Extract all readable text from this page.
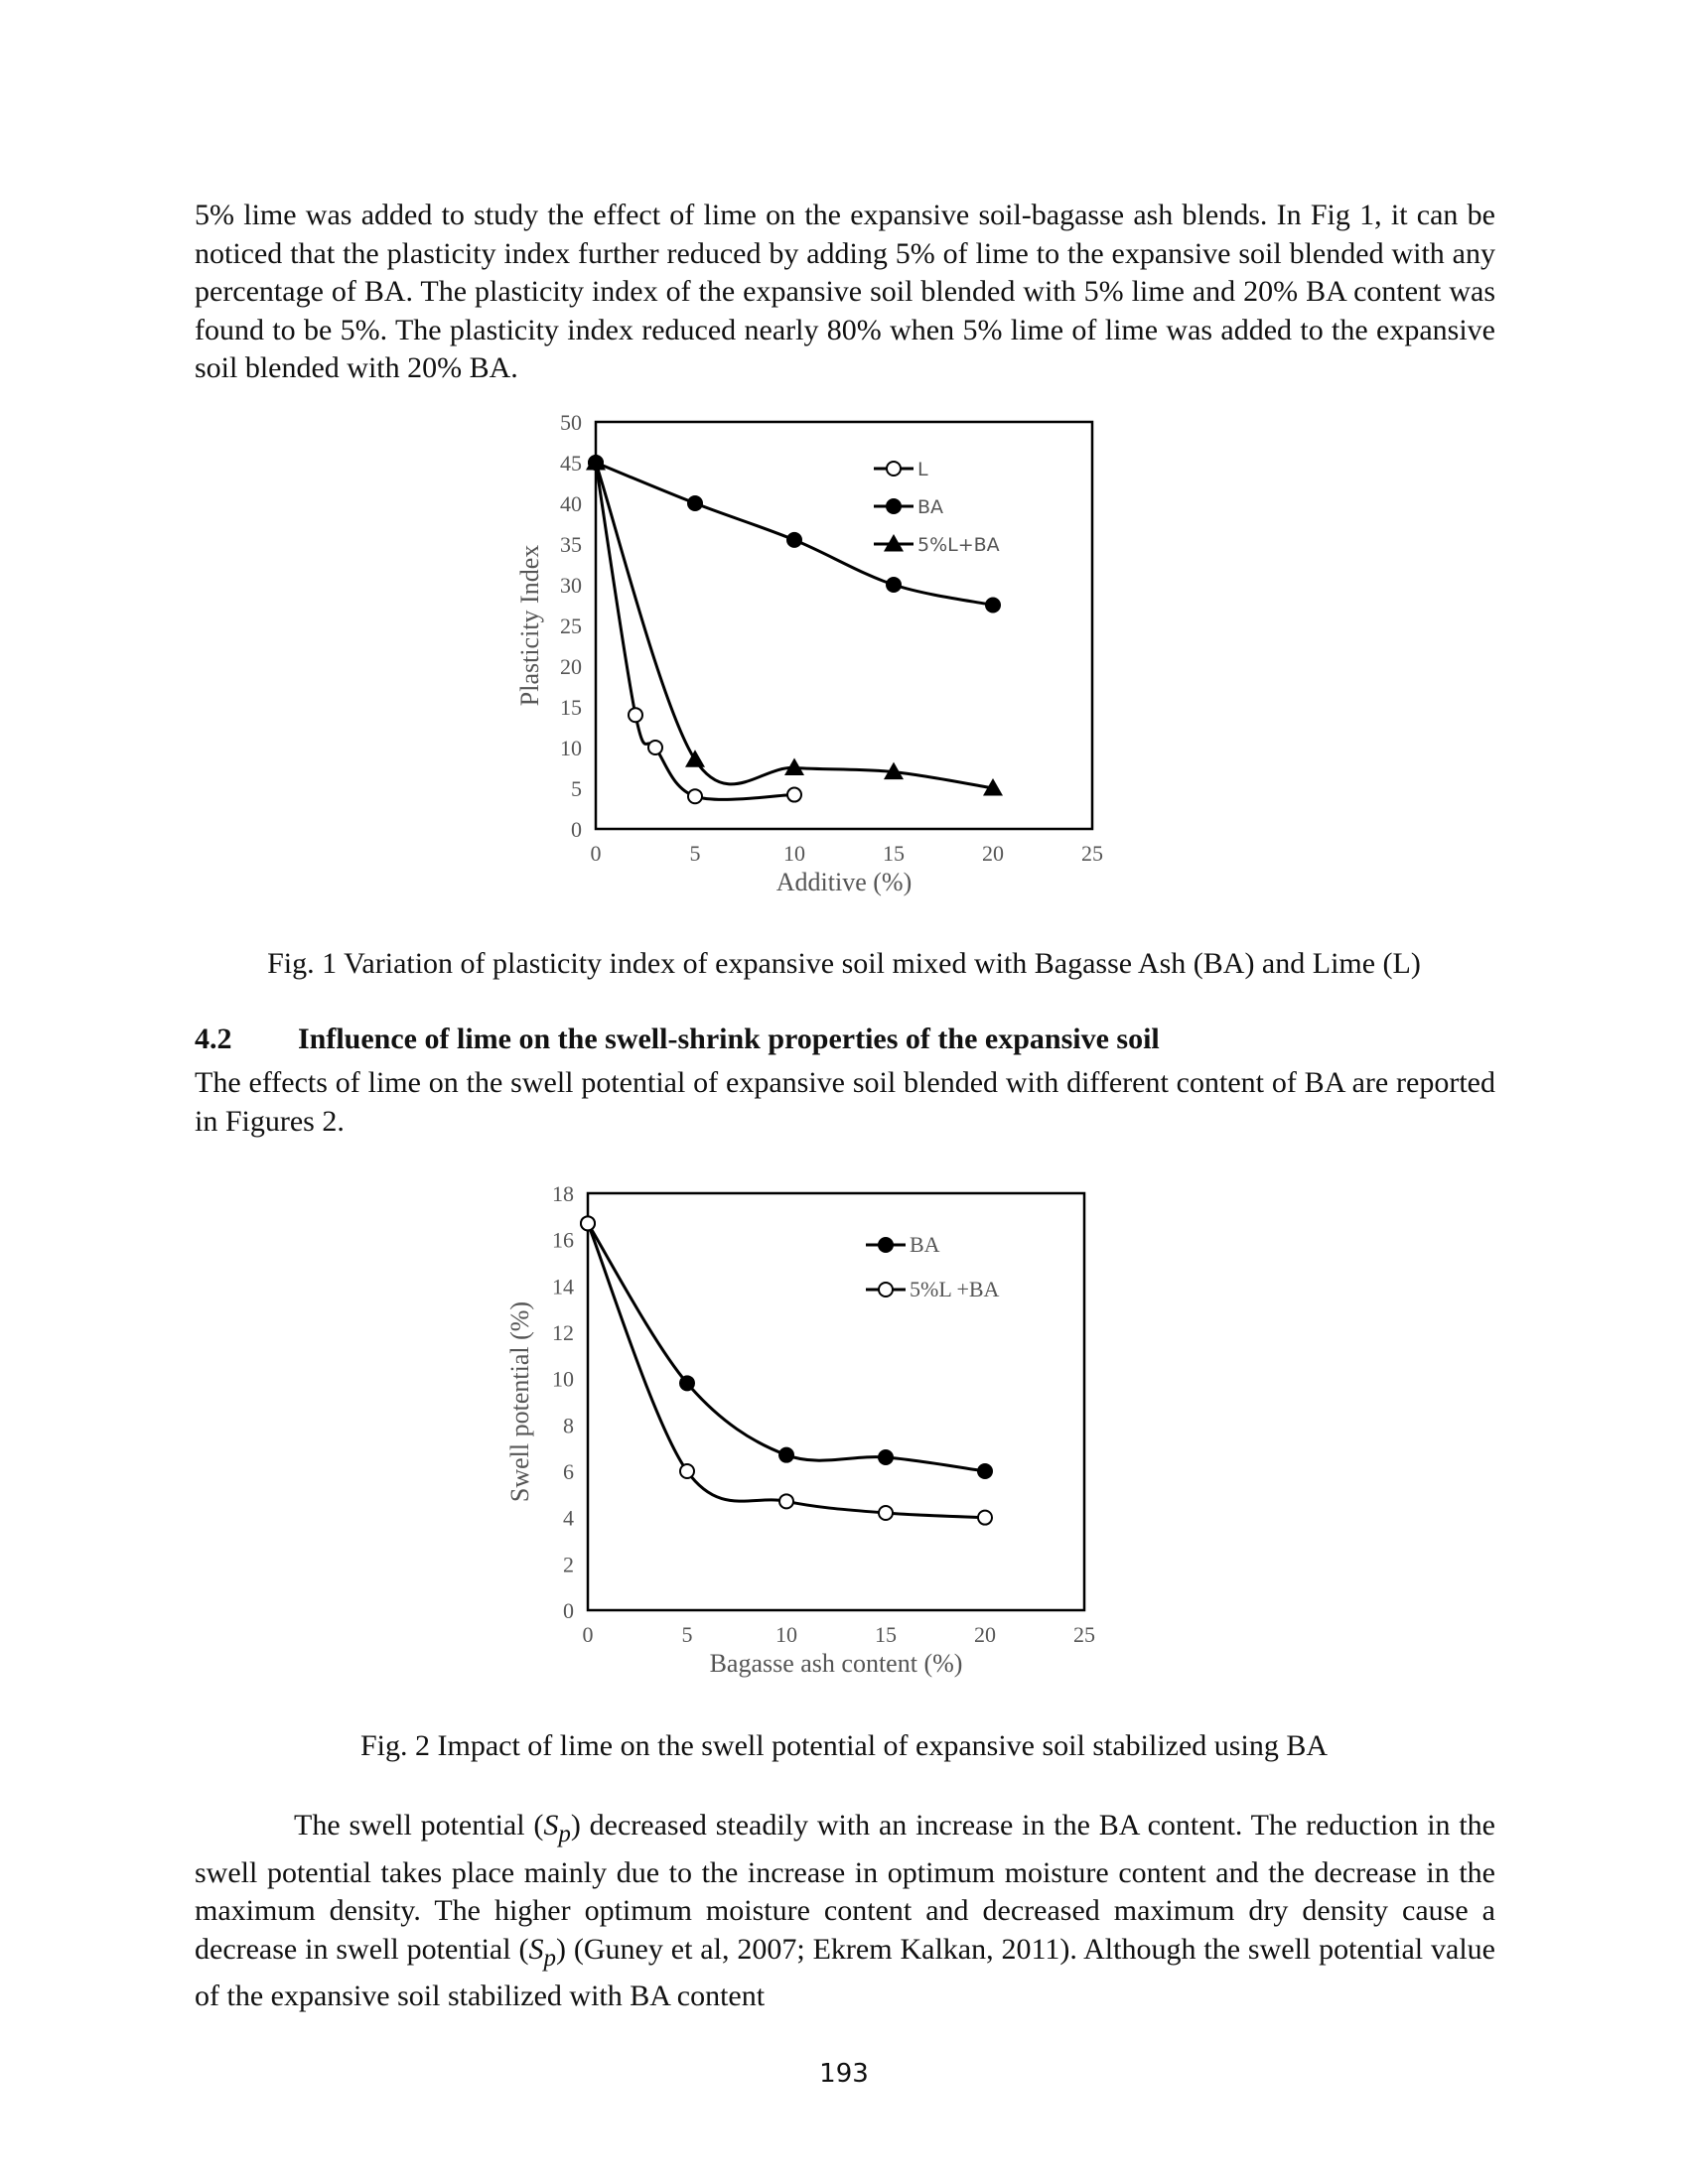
5% lime was added to study the effect of lime on the expansive soil-bagasse ash blends. In Fig 1, it can be noticed that the plasticity index further reduced by adding 5% of lime to the expansive soil blended with any percentage of BA. The plasticity index of the expansive soil blended with 5% lime and 20% BA content was found to be 5%. The plasticity index reduced nearly 80% when 5% lime of lime was added to the expansive soil blended with 20% BA.

0
5
10
15
20
25
30
35
40
45
50
0	5	10	15	20	25
Additive (%)
Plasticity Index
L
BA
5%L+BA

Fig. 1 Variation of plasticity index of expansive soil mixed with Bagasse Ash (BA) and Lime (L)

4.2 Influence of lime on the swell-shrink properties of the expansive soil

The effects of lime on the swell potential of expansive soil blended with different content of BA are reported in Figures 2.

0
2
4
6
8
10
12
14
16
18
0	5	10	15	20	25
Bagasse ash content (%)
Swell potential (%)
BA
5%L +BA

Fig. 2 Impact of lime on the swell potential of expansive soil stabilized using BA

The swell potential $(S_p)$ decreased steadily with an increase in the BA content. The reduction in the swell potential takes place mainly due to the increase in optimum moisture content and the decrease in the maximum density. The higher optimum moisture content and decreased maximum dry density cause a decrease in swell potential $(S_p)$ (Guney et al, 2007; Ekrem Kalkan, 2011). Although the swell potential value of the expansive soil stabilized with BA content

193
